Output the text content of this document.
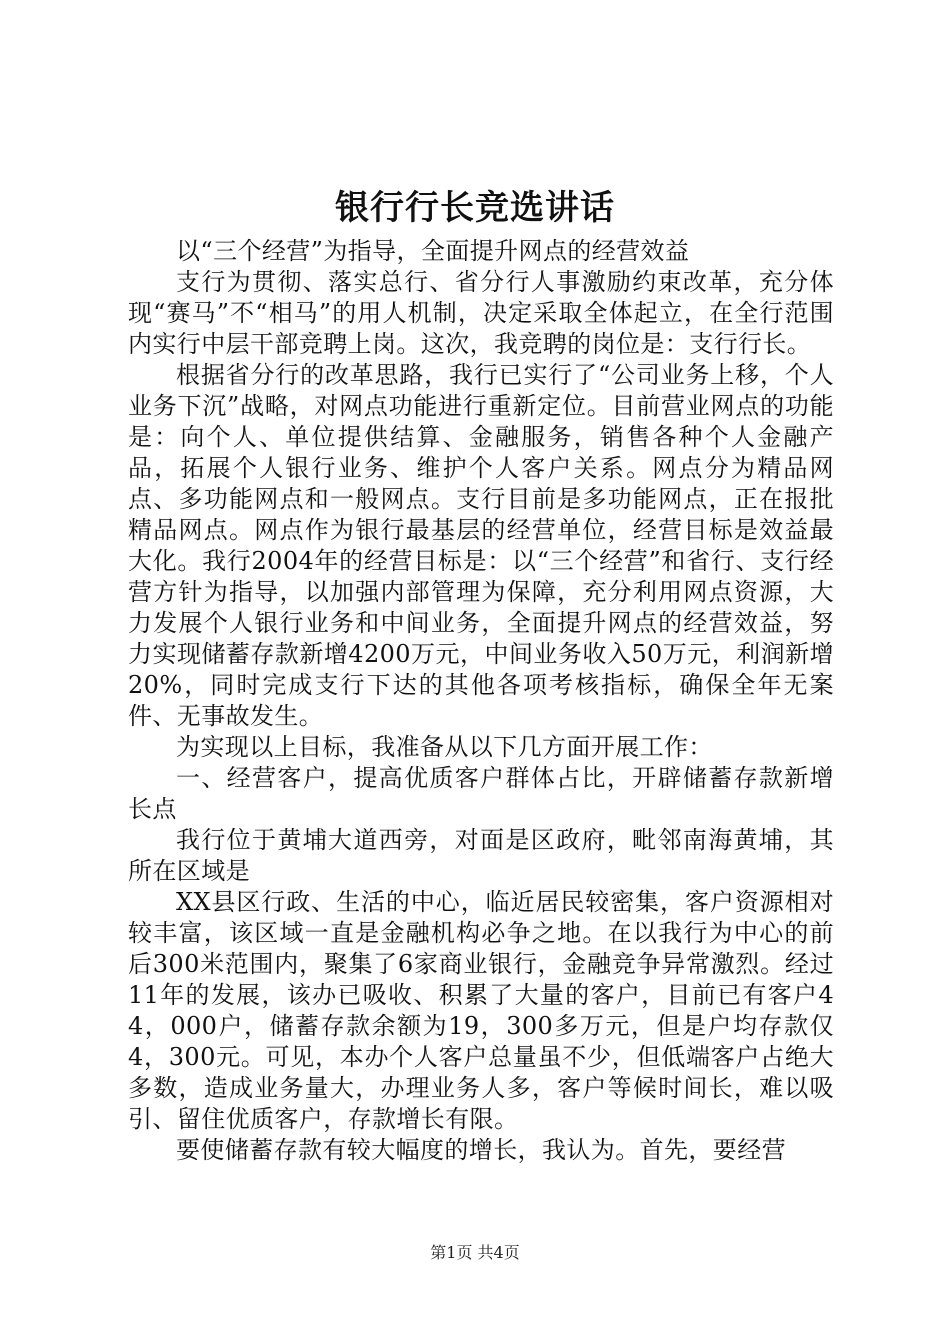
银行行长竞选讲话

以“三个经营”为指导，全面提升网点的经营效益

支行为贯彻、落实总行、省分行人事激励约束改革，充分体现“赛马”不“相马”的用人机制，决定采取全体起立，在全行范围内实行中层干部竞聘上岗。这次，我竞聘的岗位是：支行行长。

根据省分行的改革思路，我行已实行了“公司业务上移，个人业务下沉”战略，对网点功能进行重新定位。目前营业网点的功能是：向个人、单位提供结算、金融服务，销售各种个人金融产品，拓展个人银行业务、维护个人客户关系。网点分为精品网点、多功能网点和一般网点。支行目前是多功能网点，正在报批精品网点。网点作为银行最基层的经营单位，经营目标是效益最大化。我行2004年的经营目标是：以“三个经营”和省行、支行经营方针为指导，以加强内部管理为保障，充分利用网点资源，大力发展个人银行业务和中间业务，全面提升网点的经营效益，努力实现储蓄存款新增4200万元，中间业务收入50万元，利润新增20%，同时完成支行下达的其他各项考核指标，确保全年无案件、无事故发生。

为实现以上目标，我准备从以下几方面开展工作：

一、经营客户，提高优质客户群体占比，开辟储蓄存款新增长点

我行位于黄埔大道西旁，对面是区政府，毗邻南海黄埔，其所在区域是

XX县区行政、生活的中心，临近居民较密集，客户资源相对较丰富，该区域一直是金融机构必争之地。在以我行为中心的前后300米范围内，聚集了6家商业银行，金融竞争异常激烈。经过11年的发展，该办已吸收、积累了大量的客户，目前已有客户44，000户，储蓄存款余额为19，300多万元，但是户均存款仅4，300元。可见，本办个人客户总量虽不少，但低端客户占绝大多数，造成业务量大，办理业务人多，客户等候时间长，难以吸引、留住优质客户，存款增长有限。

要使储蓄存款有较大幅度的增长，我认为。首先，要经营

第1页 共4页
